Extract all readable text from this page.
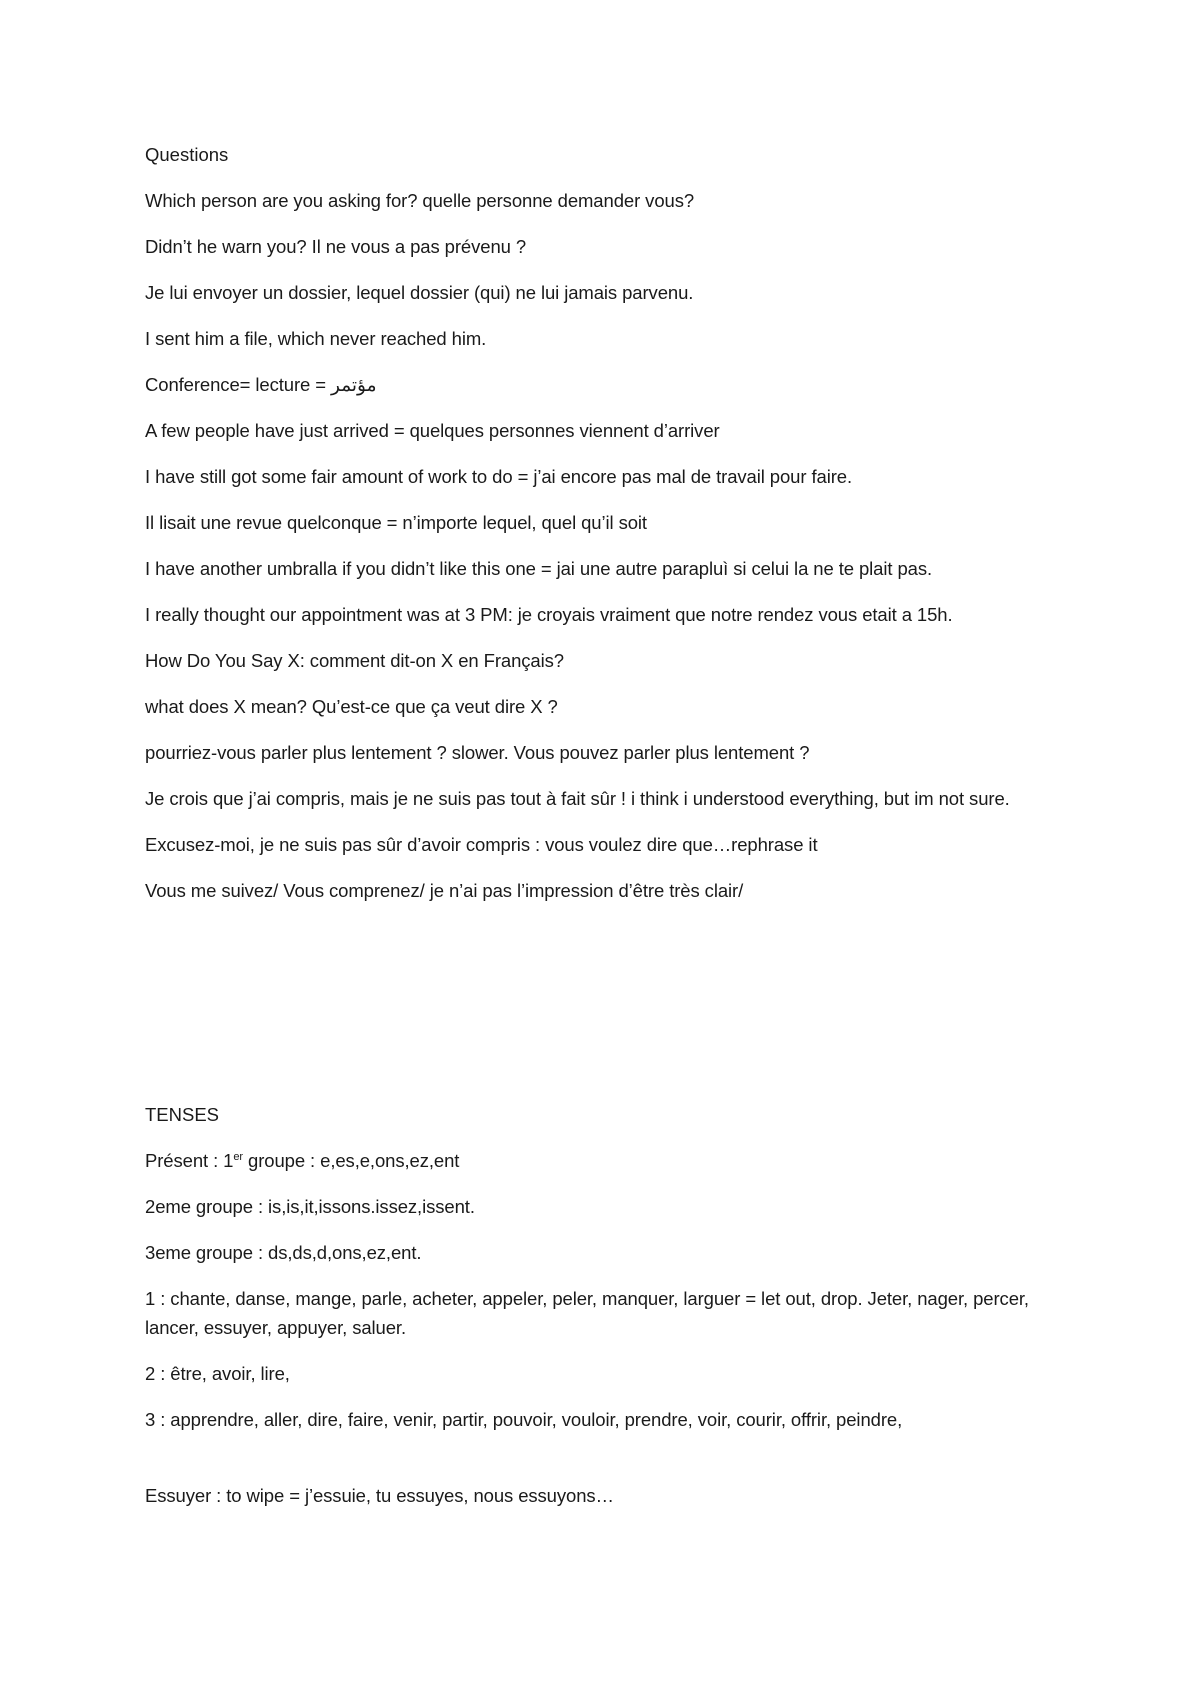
Questions

Which person are you asking for? quelle personne demander vous?

Didn’t he warn you? Il ne vous a pas prévenu ?

Je lui envoyer un dossier, lequel dossier (qui) ne lui jamais parvenu.

I sent him a file, which never reached him.

Conference= lecture = مؤتمر

A few people have just arrived = quelques personnes viennent d’arriver

I have still got some fair amount of work to do = j’ai encore pas mal de travail pour faire.

Il lisait une revue quelconque = n’importe lequel, quel qu’il soit

I have another umbralla if you didn’t like this one = jai une autre parapluì si celui la ne te plait pas.

I really thought our appointment was at 3 PM: je croyais vraiment que notre rendez vous etait a 15h.

How Do You Say X: comment dit-on X en Français?

what does X mean? Qu’est-ce que ça veut dire X ?

pourriez-vous parler plus lentement ? slower. Vous pouvez parler plus lentement ?

Je crois que j’ai compris, mais je ne suis pas tout à fait sûr ! i think i understood everything, but im not sure.

Excusez-moi, je ne suis pas sûr d’avoir compris : vous voulez dire que…rephrase it

Vous me suivez/ Vous comprenez/ je n’ai pas l’impression d’être très clair/

TENSES

Présent : 1er groupe : e,es,e,ons,ez,ent

2eme groupe : is,is,it,issons.issez,issent.

3eme groupe : ds,ds,d,ons,ez,ent.

1 : chante, danse, mange, parle, acheter, appeler, peler, manquer, larguer = let out, drop. Jeter, nager, percer, lancer, essuyer, appuyer, saluer.

2 : être, avoir, lire,

3 : apprendre, aller, dire, faire, venir, partir, pouvoir, vouloir, prendre, voir, courir, offrir, peindre,

Essuyer : to wipe = j’essuie, tu essuyes, nous essuyons…
